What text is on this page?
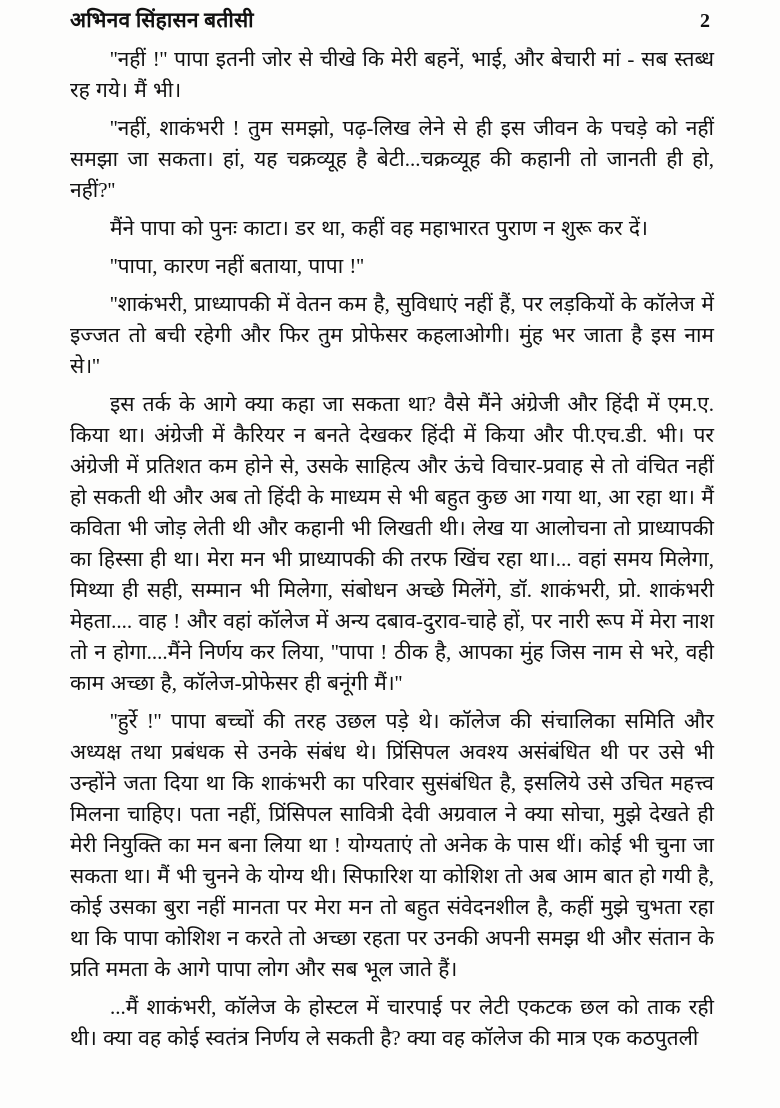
अभिनव सिंहासन बतीसी	2

''नहीं !'' पापा इतनी जोर से चीखे कि मेरी बहनें, भाई, और बेचारी मां - सब स्तब्ध रह गये। मैं भी।

''नहीं, शाकंभरी ! तुम समझो, पढ़-लिख लेने से ही इस जीवन के पचड़े को नहीं समझा जा सकता। हां, यह चक्रव्यूह है बेटी...चक्रव्यूह की कहानी तो जानती ही हो, नहीं?''

मैंने पापा को पुनः काटा। डर था, कहीं वह महाभारत पुराण न शुरू कर दें।

''पापा, कारण नहीं बताया, पापा !''

''शाकंभरी, प्राध्यापकी में वेतन कम है, सुविधाएं नहीं हैं, पर लड़कियों के कॉलेज में इज्जत तो बची रहेगी और फिर तुम प्रोफेसर कहलाओगी। मुंह भर जाता है इस नाम से।''

इस तर्क के आगे क्या कहा जा सकता था? वैसे मैंने अंग्रेजी और हिंदी में एम.ए. किया था। अंग्रेजी में कैरियर न बनते देखकर हिंदी में किया और पी.एच.डी. भी। पर अंग्रेजी में प्रतिशत कम होने से, उसके साहित्य और ऊंचे विचार-प्रवाह से तो वंचित नहीं हो सकती थी और अब तो हिंदी के माध्यम से भी बहुत कुछ आ गया था, आ रहा था। मैं कविता भी जोड़ लेती थी और कहानी भी लिखती थी। लेख या आलोचना तो प्राध्यापकी का हिस्सा ही था। मेरा मन भी प्राध्यापकी की तरफ खिंच रहा था।... वहां समय मिलेगा, मिथ्या ही सही, सम्मान भी मिलेगा, संबोधन अच्छे मिलेंगे, डॉ. शाकंभरी, प्रो. शाकंभरी मेहता.... वाह ! और वहां कॉलेज में अन्य दबाव-दुराव-चाहे हों, पर नारी रूप में मेरा नाश तो न होगा....मैंने निर्णय कर लिया, ''पापा ! ठीक है, आपका मुंह जिस नाम से भरे, वही काम अच्छा है, कॉलेज-प्रोफेसर ही बनूंगी मैं।''

''हुर्रे !'' पापा बच्चों की तरह उछल पड़े थे। कॉलेज की संचालिका समिति और अध्यक्ष तथा प्रबंधक से उनके संबंध थे। प्रिंसिपल अवश्य असंबंधित थी पर उसे भी उन्होंने जता दिया था कि शाकंभरी का परिवार सुसंबंधित है, इसलिये उसे उचित महत्त्व मिलना चाहिए। पता नहीं, प्रिंसिपल सावित्री देवी अग्रवाल ने क्या सोचा, मुझे देखते ही मेरी नियुक्ति का मन बना लिया था ! योग्यताएं तो अनेक के पास थीं। कोई भी चुना जा सकता था। मैं भी चुनने के योग्य थी। सिफारिश या कोशिश तो अब आम बात हो गयी है, कोई उसका बुरा नहीं मानता पर मेरा मन तो बहुत संवेदनशील है, कहीं मुझे चुभता रहा था कि पापा कोशिश न करते तो अच्छा रहता पर उनकी अपनी समझ थी और संतान के प्रति ममता के आगे पापा लोग और सब भूल जाते हैं।

...मैं शाकंभरी, कॉलेज के होस्टल में चारपाई पर लेटी एकटक छल को ताक रही थी। क्या वह कोई स्वतंत्र निर्णय ले सकती है? क्या वह कॉलेज की मात्र एक कठपुतली
